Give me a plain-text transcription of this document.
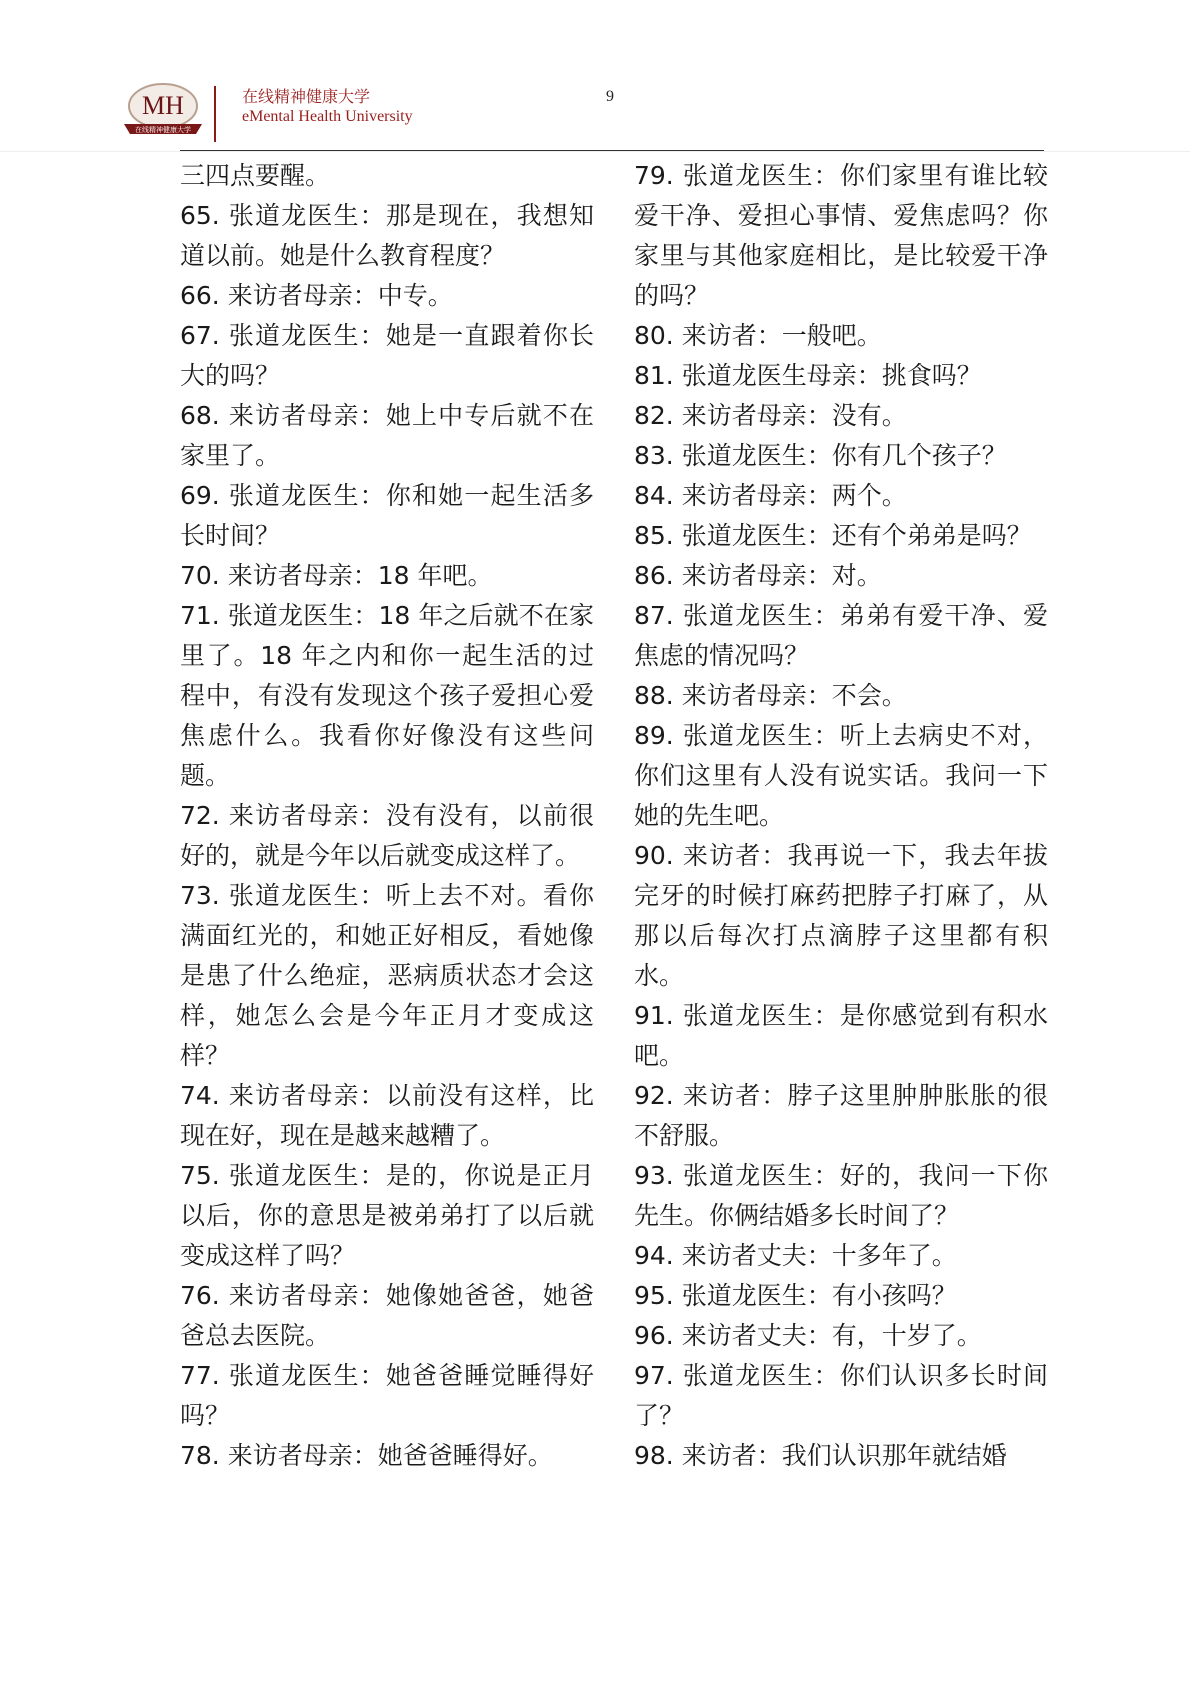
MH
在线精神健康大学
在线精神健康大学
eMental Health University
9

三四点要醒。

65. 张道龙医生：那是现在，我想知道以前。她是什么教育程度？

66. 来访者母亲：中专。

67. 张道龙医生：她是一直跟着你长大的吗？

68. 来访者母亲：她上中专后就不在家里了。

69. 张道龙医生：你和她一起生活多长时间？

70. 来访者母亲：18 年吧。

71. 张道龙医生：18 年之后就不在家里了。18 年之内和你一起生活的过程中，有没有发现这个孩子爱担心爱焦虑什么。我看你好像没有这些问题。

72. 来访者母亲：没有没有，以前很好的，就是今年以后就变成这样了。

73. 张道龙医生：听上去不对。看你满面红光的，和她正好相反，看她像是患了什么绝症，恶病质状态才会这样，她怎么会是今年正月才变成这样？

74. 来访者母亲：以前没有这样，比现在好，现在是越来越糟了。

75. 张道龙医生：是的，你说是正月以后，你的意思是被弟弟打了以后就变成这样了吗？

76. 来访者母亲：她像她爸爸，她爸爸总去医院。

77. 张道龙医生：她爸爸睡觉睡得好吗？

78. 来访者母亲：她爸爸睡得好。

79. 张道龙医生：你们家里有谁比较爱干净、爱担心事情、爱焦虑吗？你家里与其他家庭相比，是比较爱干净的吗？

80. 来访者：一般吧。

81. 张道龙医生母亲：挑食吗？

82. 来访者母亲：没有。

83. 张道龙医生：你有几个孩子？

84. 来访者母亲：两个。

85. 张道龙医生：还有个弟弟是吗？

86. 来访者母亲：对。

87. 张道龙医生：弟弟有爱干净、爱焦虑的情况吗？

88. 来访者母亲：不会。

89. 张道龙医生：听上去病史不对，你们这里有人没有说实话。我问一下她的先生吧。

90. 来访者：我再说一下，我去年拔完牙的时候打麻药把脖子打麻了，从那以后每次打点滴脖子这里都有积水。

91. 张道龙医生：是你感觉到有积水吧。

92. 来访者：脖子这里肿肿胀胀的很不舒服。

93. 张道龙医生：好的，我问一下你先生。你俩结婚多长时间了？

94. 来访者丈夫：十多年了。

95. 张道龙医生：有小孩吗？

96. 来访者丈夫：有，十岁了。

97. 张道龙医生：你们认识多长时间了？

98. 来访者：我们认识那年就结婚
